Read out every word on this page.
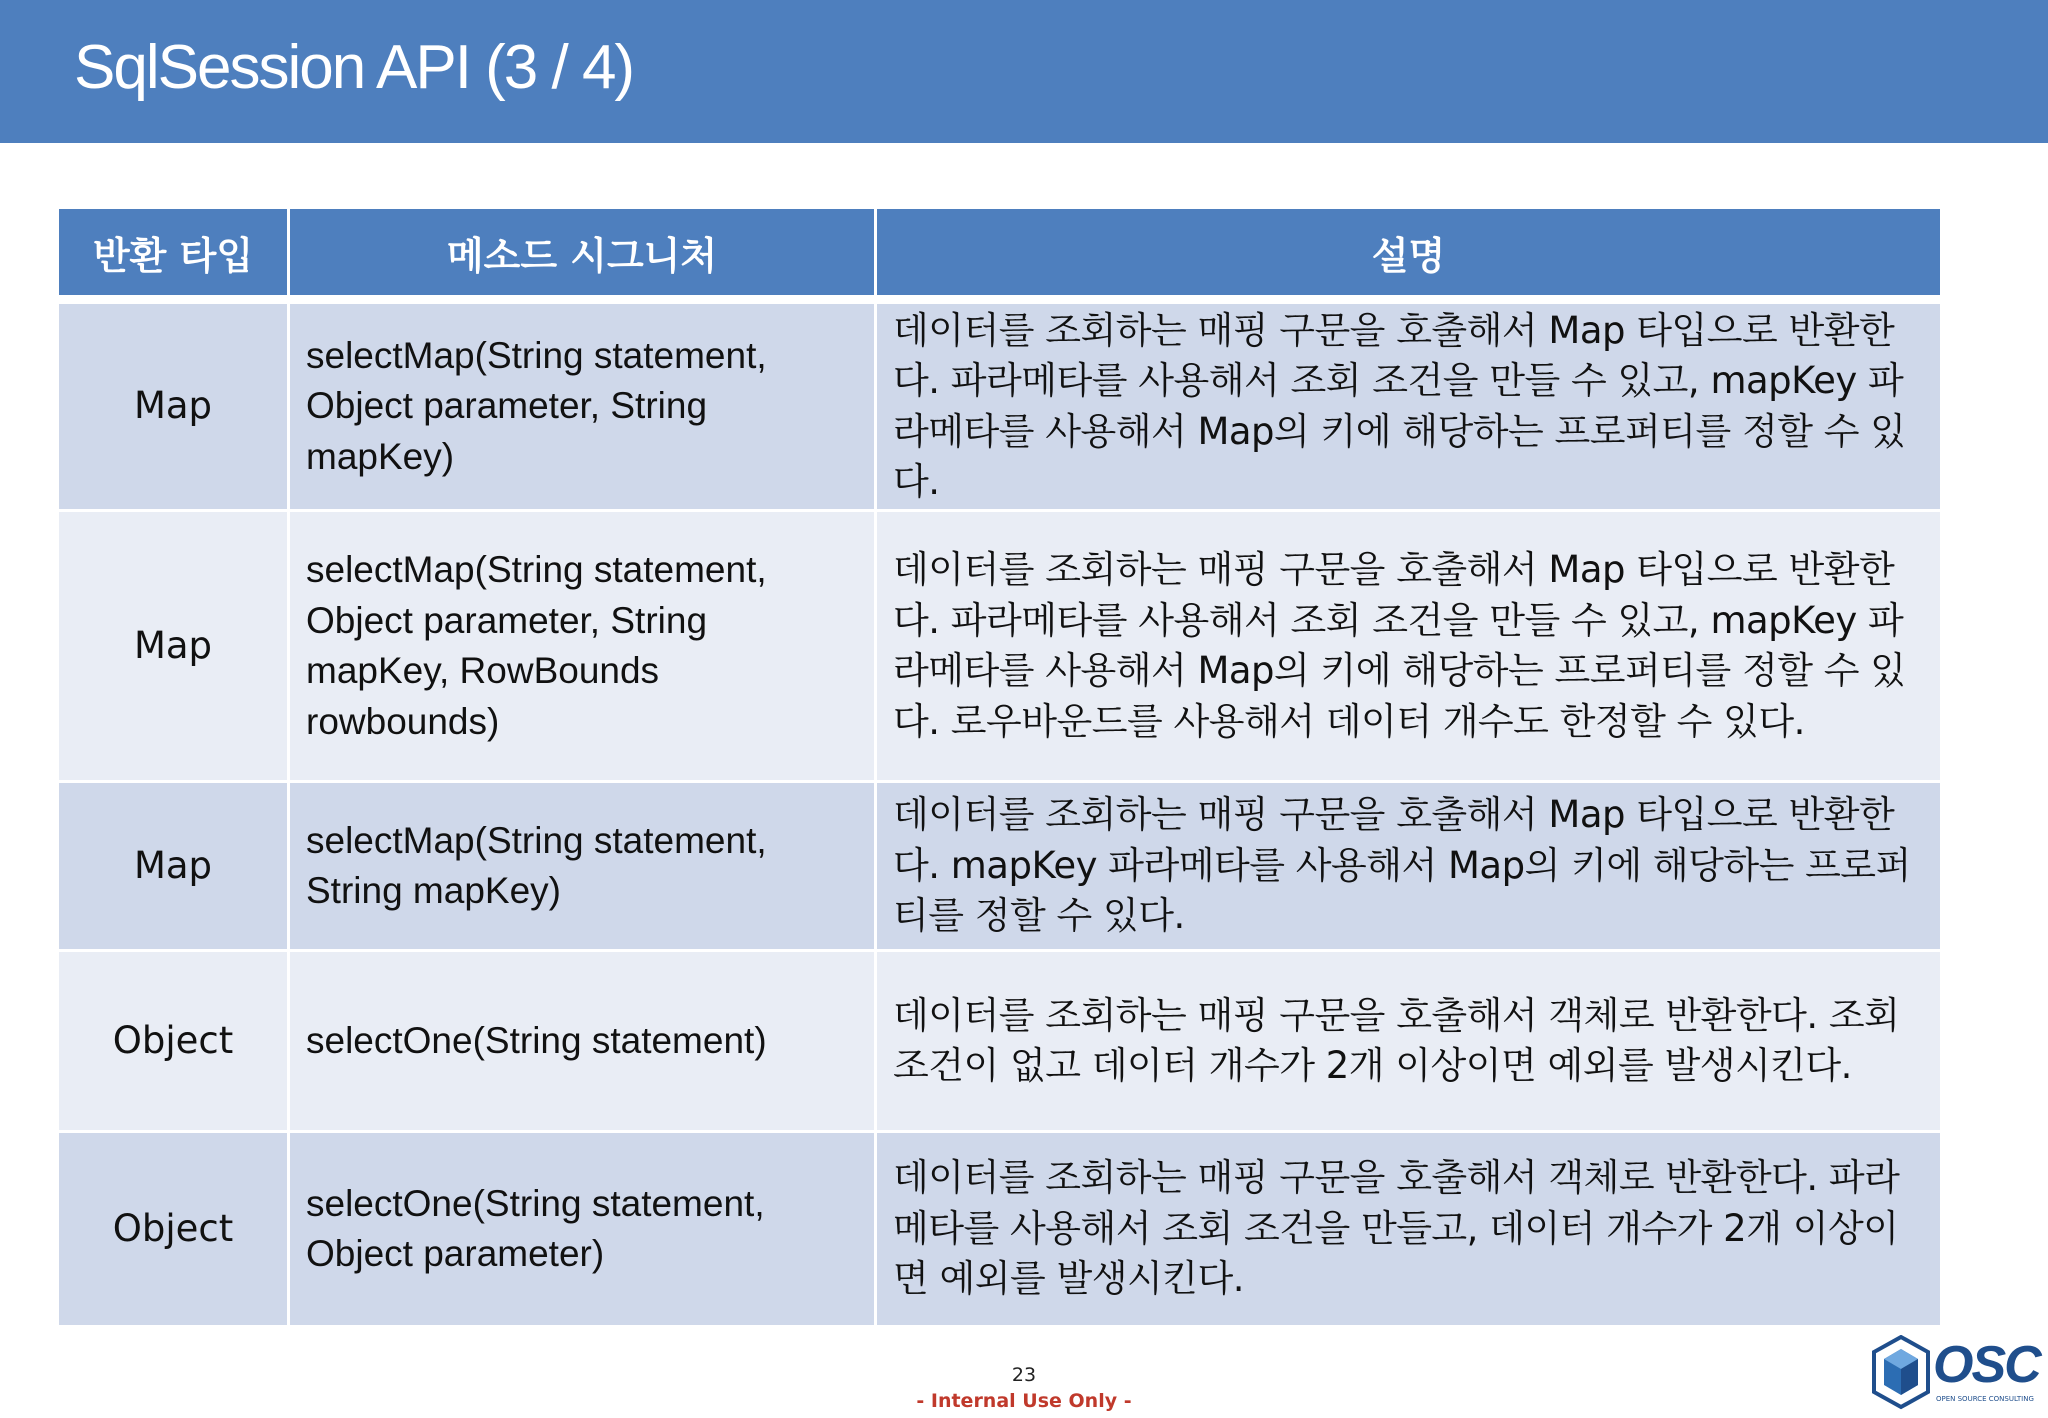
SqlSession API (3 / 4)
반환 타입	메소드 시그니처	설명
Map	selectMap(String statement, Object parameter, String mapKey)	데이터를 조회하는 매핑 구문을 호출해서 Map 타입으로 반환한다. 파라메타를 사용해서 조회 조건을 만들 수 있고, mapKey 파라메타를 사용해서 Map의 키에 해당하는 프로퍼티를 정할 수 있다.
Map	selectMap(String statement, Object parameter, String mapKey, RowBounds rowbounds)	데이터를 조회하는 매핑 구문을 호출해서 Map 타입으로 반환한다. 파라메타를 사용해서 조회 조건을 만들 수 있고, mapKey 파라메타를 사용해서 Map의 키에 해당하는 프로퍼티를 정할 수 있다. 로우바운드를 사용해서 데이터 개수도 한정할 수 있다.
Map	selectMap(String statement, String mapKey)	데이터를 조회하는 매핑 구문을 호출해서 Map 타입으로 반환한다. mapKey 파라메타를 사용해서 Map의 키에 해당하는 프로퍼티를 정할 수 있다.
Object	selectOne(String statement)	데이터를 조회하는 매핑 구문을 호출해서 객체로 반환한다. 조회 조건이 없고 데이터 개수가 2개 이상이면 예외를 발생시킨다.
Object	selectOne(String statement, Object parameter)	데이터를 조회하는 매핑 구문을 호출해서 객체로 반환한다. 파라메타를 사용해서 조회 조건을 만들고, 데이터 개수가 2개 이상이면 예외를 발생시킨다.
23
- Internal Use Only -
OSC
OPEN SOURCE CONSULTING
